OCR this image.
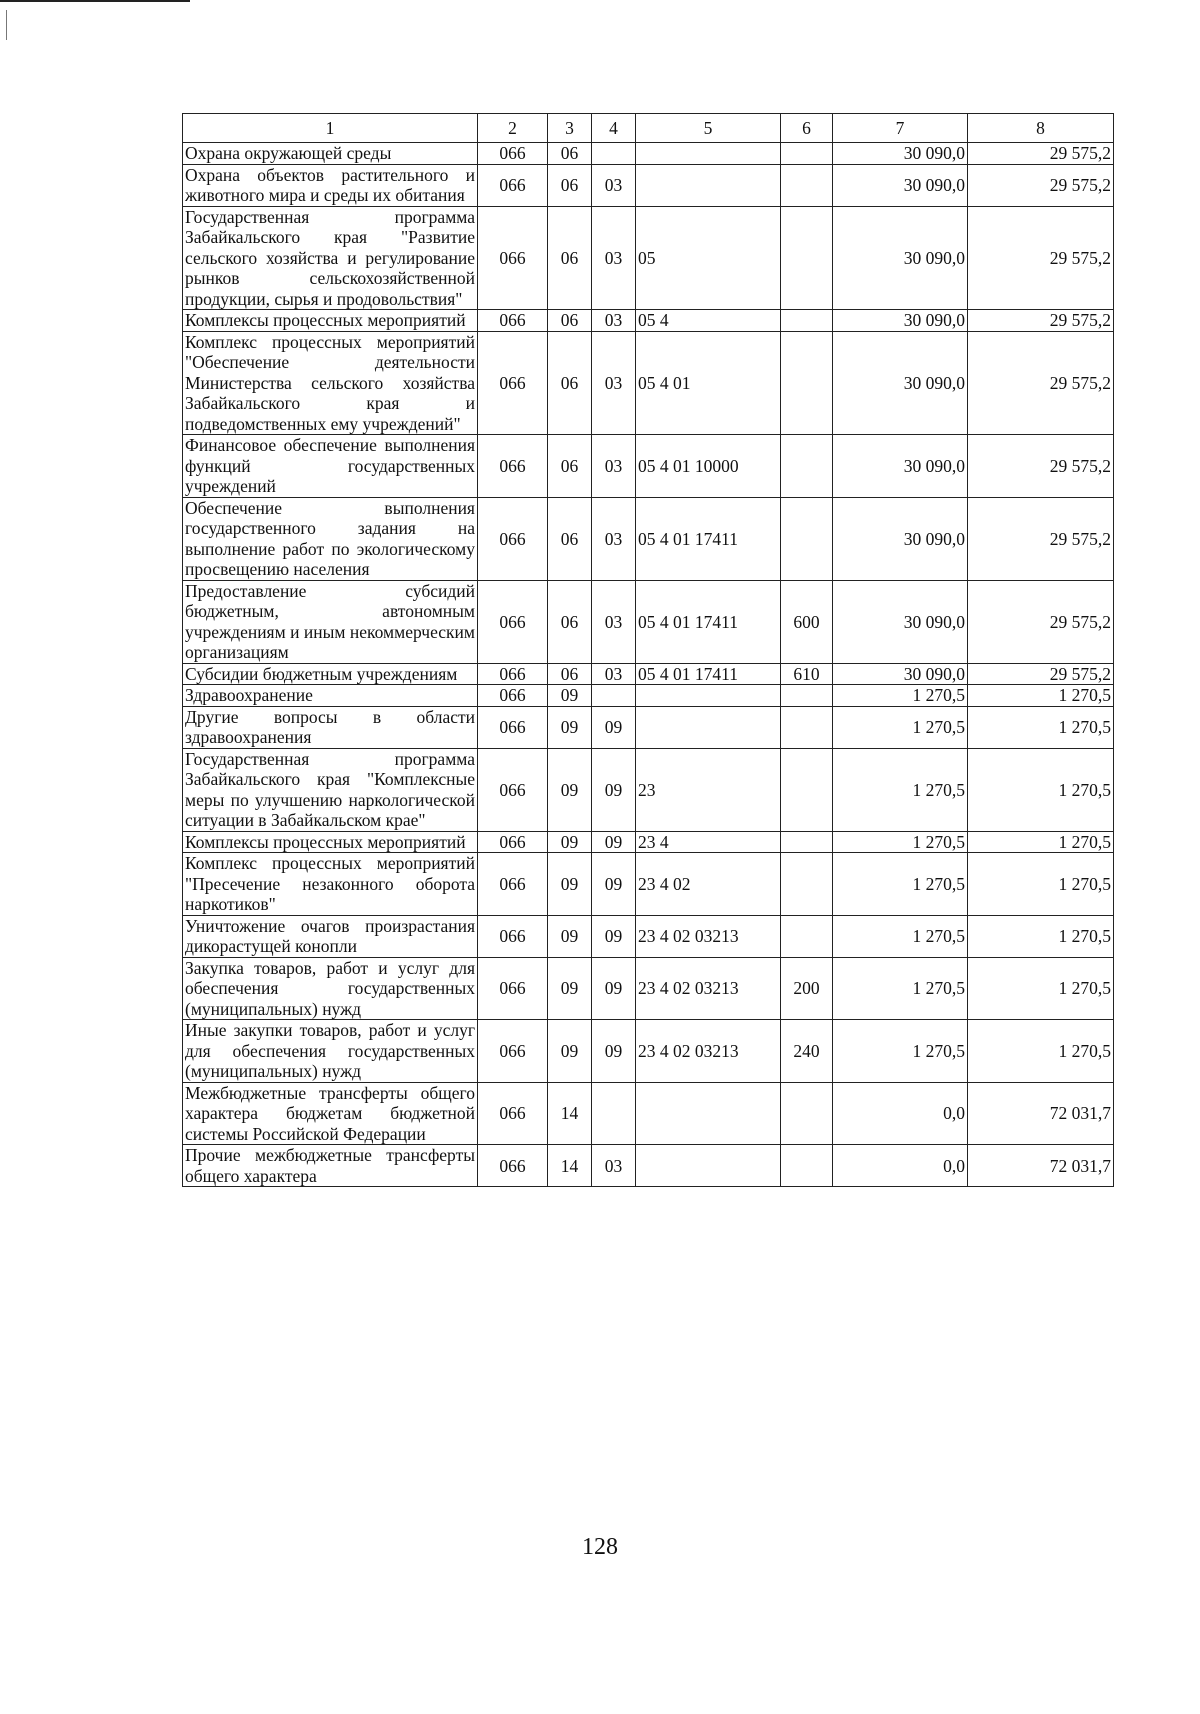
1	2	3	4	5	6	7	8
Охрана окружающей среды	066	06				30 090,0	29 575,2
Охрана объектов растительного и животного мира и среды их обитания	066	06	03			30 090,0	29 575,2
Государственная программа Забайкальского края "Развитие сельского хозяйства и регулирование рынков сельскохозяйственной продукции, сырья и продовольствия"	066	06	03	05		30 090,0	29 575,2
Комплексы процессных мероприятий	066	06	03	05 4		30 090,0	29 575,2
Комплекс процессных мероприятий "Обеспечение деятельности Министерства сельского хозяйства Забайкальского края и подведомственных ему учреждений"	066	06	03	05 4 01		30 090,0	29 575,2
Финансовое обеспечение выполнения функций государственных учреждений	066	06	03	05 4 01 10000		30 090,0	29 575,2
Обеспечение выполнения государственного задания на выполнение работ по экологическому просвещению населения	066	06	03	05 4 01 17411		30 090,0	29 575,2
Предоставление субсидий бюджетным, автономным учреждениям и иным некоммерческим организациям	066	06	03	05 4 01 17411	600	30 090,0	29 575,2
Субсидии бюджетным учреждениям	066	06	03	05 4 01 17411	610	30 090,0	29 575,2
Здравоохранение	066	09				1 270,5	1 270,5
Другие вопросы в области здравоохранения	066	09	09			1 270,5	1 270,5
Государственная программа Забайкальского края "Комплексные меры по улучшению наркологической ситуации в Забайкальском крае"	066	09	09	23		1 270,5	1 270,5
Комплексы процессных мероприятий	066	09	09	23 4		1 270,5	1 270,5
Комплекс процессных мероприятий "Пресечение незаконного оборота наркотиков"	066	09	09	23 4 02		1 270,5	1 270,5
Уничтожение очагов произрастания дикорастущей конопли	066	09	09	23 4 02 03213		1 270,5	1 270,5
Закупка товаров, работ и услуг для обеспечения государственных (муниципальных) нужд	066	09	09	23 4 02 03213	200	1 270,5	1 270,5
Иные закупки товаров, работ и услуг для обеспечения государственных (муниципальных) нужд	066	09	09	23 4 02 03213	240	1 270,5	1 270,5
Межбюджетные трансферты общего характера бюджетам бюджетной системы Российской Федерации	066	14				0,0	72 031,7
Прочие межбюджетные трансферты общего характера	066	14	03			0,0	72 031,7
128
